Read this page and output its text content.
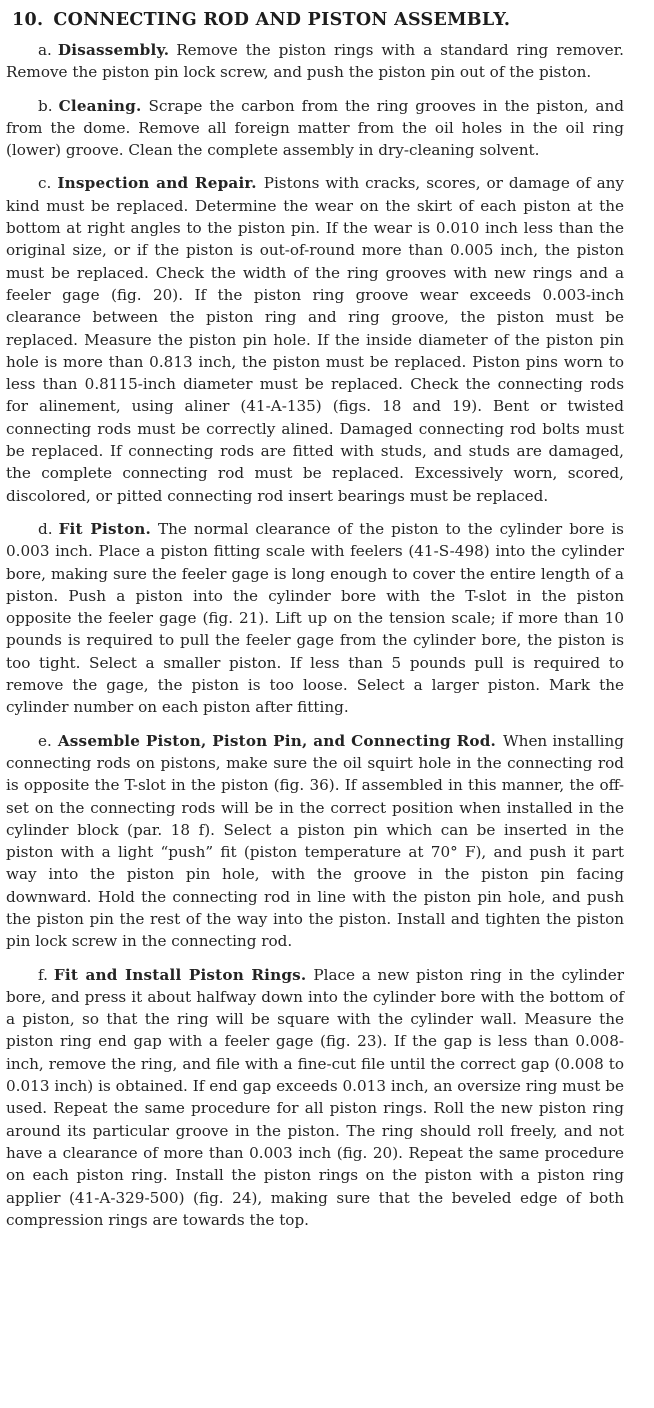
10. CONNECTING ROD AND PISTON ASSEMBLY.

a. Disassembly. Remove the piston rings with a standard ring remover. Remove the piston pin lock screw, and push the piston pin out of the piston.

b. Cleaning. Scrape the carbon from the ring grooves in the piston, and from the dome. Remove all foreign matter from the oil holes in the oil ring (lower) groove. Clean the complete assembly in dry-cleaning solvent.

c. Inspection and Repair. Pistons with cracks, scores, or damage of any kind must be replaced. Determine the wear on the skirt of each piston at the bottom at right angles to the piston pin. If the wear is 0.010 inch less than the original size, or if the piston is out-of-round more than 0.005 inch, the piston must be replaced. Check the width of the ring grooves with new rings and a feeler gage (fig. 20). If the piston ring groove wear exceeds 0.003-inch clearance between the piston ring and ring groove, the piston must be replaced. Measure the piston pin hole. If the inside diameter of the piston pin hole is more than 0.813 inch, the piston must be replaced. Piston pins worn to less than 0.8115-inch diameter must be replaced. Check the connecting rods for alinement, using aliner (41-A-135) (figs. 18 and 19). Bent or twisted connecting rods must be correctly alined. Damaged connecting rod bolts must be replaced. If connecting rods are fitted with studs, and studs are damaged, the complete connecting rod must be replaced. Excessively worn, scored, discolored, or pitted connecting rod insert bearings must be replaced.

d. Fit Piston. The normal clearance of the piston to the cylinder bore is 0.003 inch. Place a piston fitting scale with feelers (41-S-498) into the cylinder bore, making sure the feeler gage is long enough to cover the entire length of a piston. Push a piston into the cylinder bore with the T-slot in the piston opposite the feeler gage (fig. 21). Lift up on the tension scale; if more than 10 pounds is required to pull the feeler gage from the cylinder bore, the piston is too tight. Select a smaller piston. If less than 5 pounds pull is required to remove the gage, the piston is too loose. Select a larger piston. Mark the cylinder number on each piston after fitting.

e. Assemble Piston, Piston Pin, and Connecting Rod. When installing connecting rods on pistons, make sure the oil squirt hole in the connecting rod is opposite the T-slot in the piston (fig. 36). If assembled in this manner, the off-set on the connecting rods will be in the correct position when installed in the cylinder block (par. 18 f). Select a piston pin which can be inserted in the piston with a light “push” fit (piston temperature at 70° F), and push it part way into the piston pin hole, with the groove in the piston pin facing downward. Hold the connecting rod in line with the piston pin hole, and push the piston pin the rest of the way into the piston. Install and tighten the piston pin lock screw in the connecting rod.

f. Fit and Install Piston Rings. Place a new piston ring in the cylinder bore, and press it about halfway down into the cylinder bore with the bottom of a piston, so that the ring will be square with the cylinder wall. Measure the piston ring end gap with a feeler gage (fig. 23). If the gap is less than 0.008-inch, remove the ring, and file with a fine-cut file until the correct gap (0.008 to 0.013 inch) is obtained. If end gap exceeds 0.013 inch, an oversize ring must be used. Repeat the same procedure for all piston rings. Roll the new piston ring around its particular groove in the piston. The ring should roll freely, and not have a clearance of more than 0.003 inch (fig. 20). Repeat the same procedure on each piston ring. Install the piston rings on the piston with a piston ring applier (41-A-329-500) (fig. 24), making sure that the beveled edge of both compression rings are towards the top.
